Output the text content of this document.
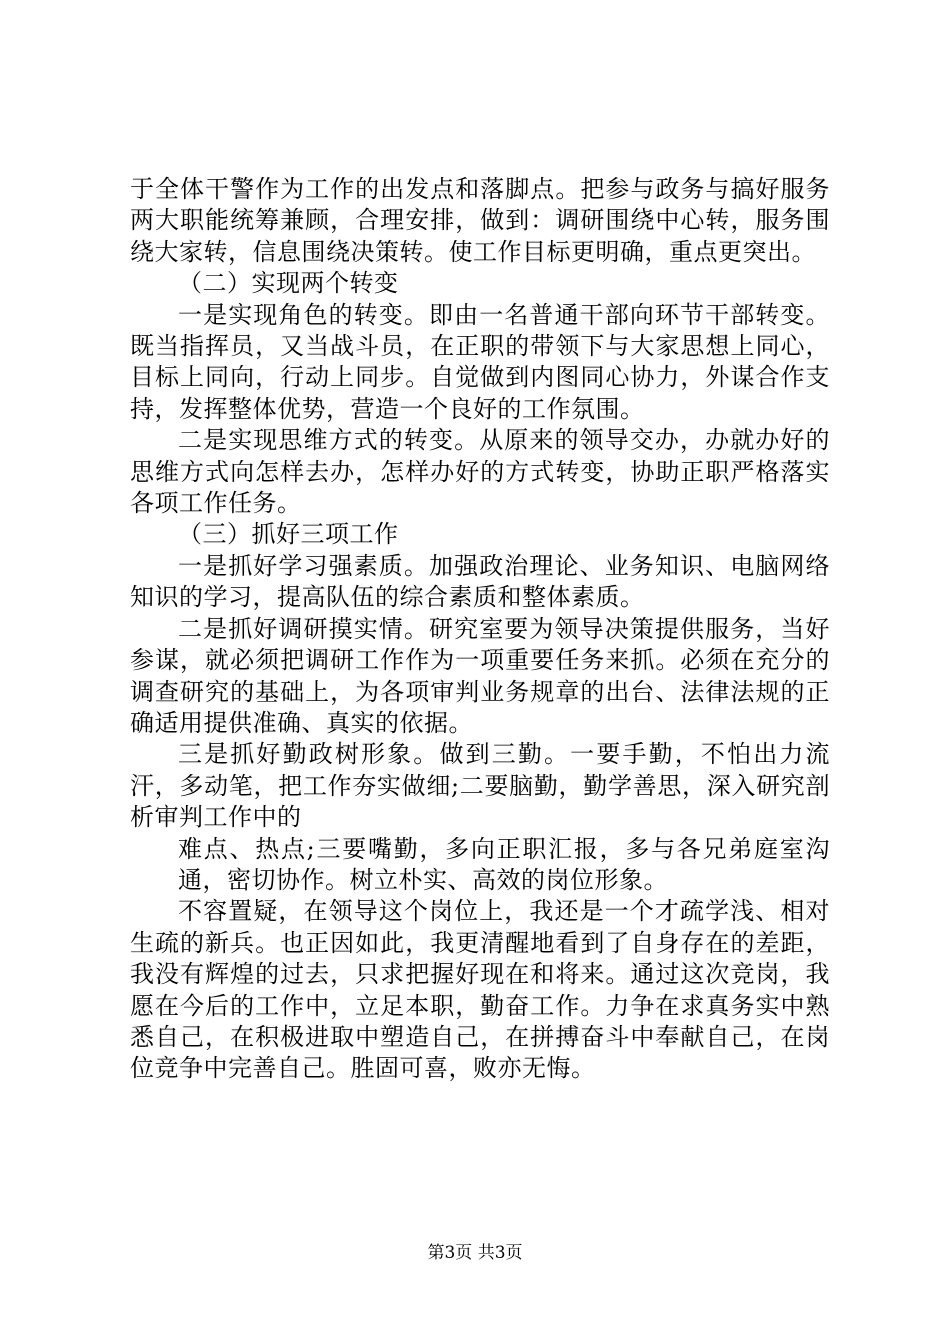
于全体干警作为工作的出发点和落脚点。把参与政务与搞好服务两大职能统筹兼顾，合理安排，做到：调研围绕中心转，服务围绕大家转，信息围绕决策转。使工作目标更明确，重点更突出。

（二）实现两个转变

一是实现角色的转变。即由一名普通干部向环节干部转变。既当指挥员，又当战斗员，在正职的带领下与大家思想上同心，目标上同向，行动上同步。自觉做到内图同心协力，外谋合作支持，发挥整体优势，营造一个良好的工作氛围。

二是实现思维方式的转变。从原来的领导交办，办就办好的思维方式向怎样去办，怎样办好的方式转变，协助正职严格落实各项工作任务。

（三）抓好三项工作

一是抓好学习强素质。加强政治理论、业务知识、电脑网络知识的学习，提高队伍的综合素质和整体素质。

二是抓好调研摸实情。研究室要为领导决策提供服务，当好参谋，就必须把调研工作作为一项重要任务来抓。必须在充分的调查研究的基础上，为各项审判业务规章的出台、法律法规的正确适用提供准确、真实的依据。

三是抓好勤政树形象。做到三勤。一要手勤，不怕出力流汗，多动笔，把工作夯实做细;二要脑勤，勤学善思，深入研究剖析审判工作中的

难点、热点;三要嘴勤，多向正职汇报，多与各兄弟庭室沟通，密切协作。树立朴实、高效的岗位形象。

不容置疑，在领导这个岗位上，我还是一个才疏学浅、相对生疏的新兵。也正因如此，我更清醒地看到了自身存在的差距，我没有辉煌的过去，只求把握好现在和将来。通过这次竞岗，我愿在今后的工作中，立足本职，勤奋工作。力争在求真务实中熟悉自己，在积极进取中塑造自己，在拼搏奋斗中奉献自己，在岗位竞争中完善自己。胜固可喜，败亦无悔。

第3页 共3页
